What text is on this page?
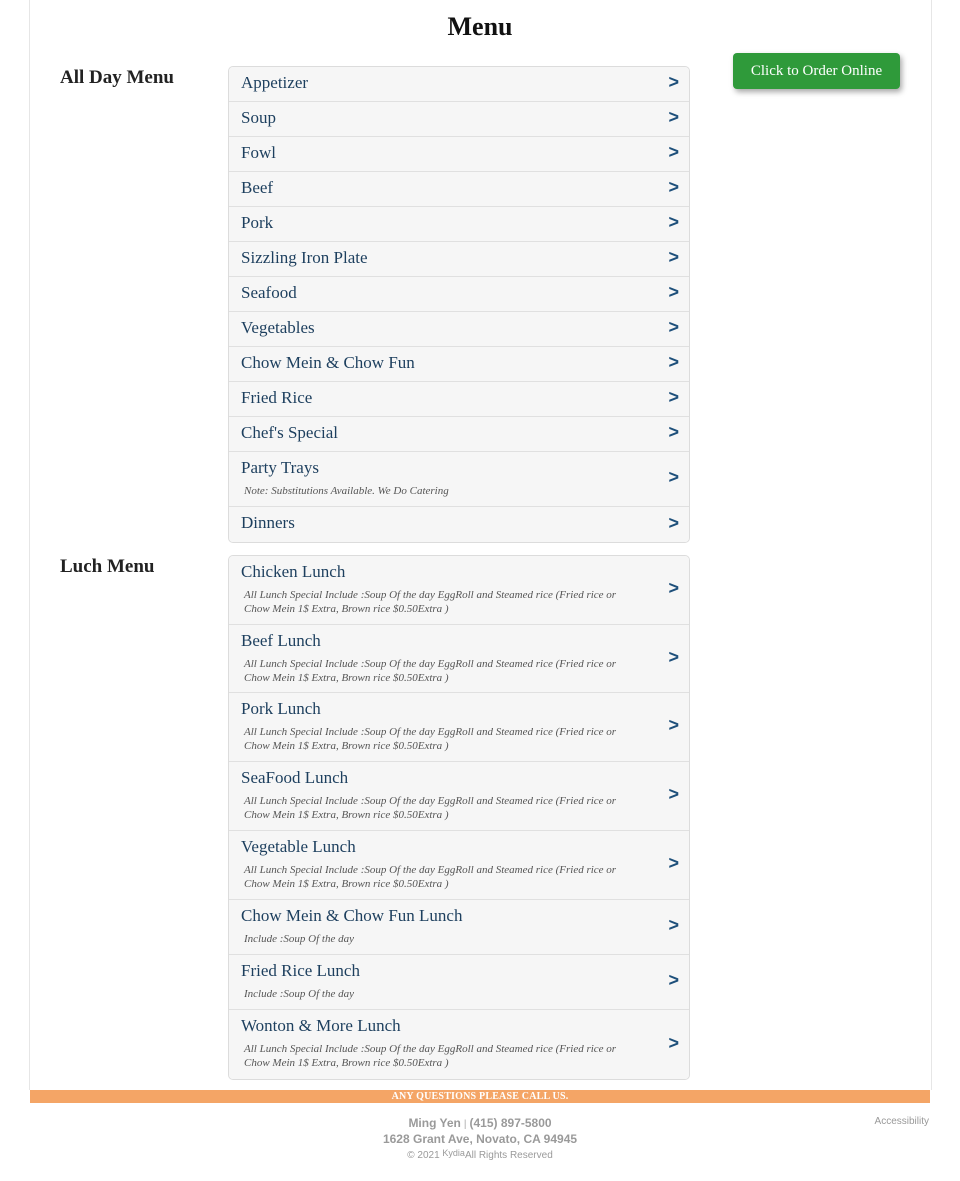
Menu
Click to Order Online
All Day Menu	Appetizer	>
Soup	>
Fowl	>
Beef	>
Pork	>
Sizzling Iron Plate	>
Seafood	>
Vegetables	>
Chow Mein & Chow Fun	>
Fried Rice	>
Chef's Special	>
Party Trays
Note: Substitutions Available. We Do Catering
>
Dinners	>
Luch Menu	Chicken Lunch
All Lunch Special Include :Soup Of the day EggRoll and Steamed rice (Fried rice or Chow Mein 1$ Extra, Brown rice $0.50Extra )
>
Beef Lunch
All Lunch Special Include :Soup Of the day EggRoll and Steamed rice (Fried rice or Chow Mein 1$ Extra, Brown rice $0.50Extra )
>
Pork Lunch
All Lunch Special Include :Soup Of the day EggRoll and Steamed rice (Fried rice or Chow Mein 1$ Extra, Brown rice $0.50Extra )
>
SeaFood Lunch
All Lunch Special Include :Soup Of the day EggRoll and Steamed rice (Fried rice or Chow Mein 1$ Extra, Brown rice $0.50Extra )
>
Vegetable Lunch
All Lunch Special Include :Soup Of the day EggRoll and Steamed rice (Fried rice or Chow Mein 1$ Extra, Brown rice $0.50Extra )
>
Chow Mein & Chow Fun Lunch
Include :Soup Of the day
>
Fried Rice Lunch
Include :Soup Of the day
>
Wonton & More Lunch
All Lunch Special Include :Soup Of the day EggRoll and Steamed rice (Fried rice or Chow Mein 1$ Extra, Brown rice $0.50Extra )
>
ANY QUESTIONS PLEASE CALL US.
Ming Yen | (415) 897-5800
1628 Grant Ave, Novato, CA 94945
© 2021 KydiaAll Rights Reserved
Accessibility
